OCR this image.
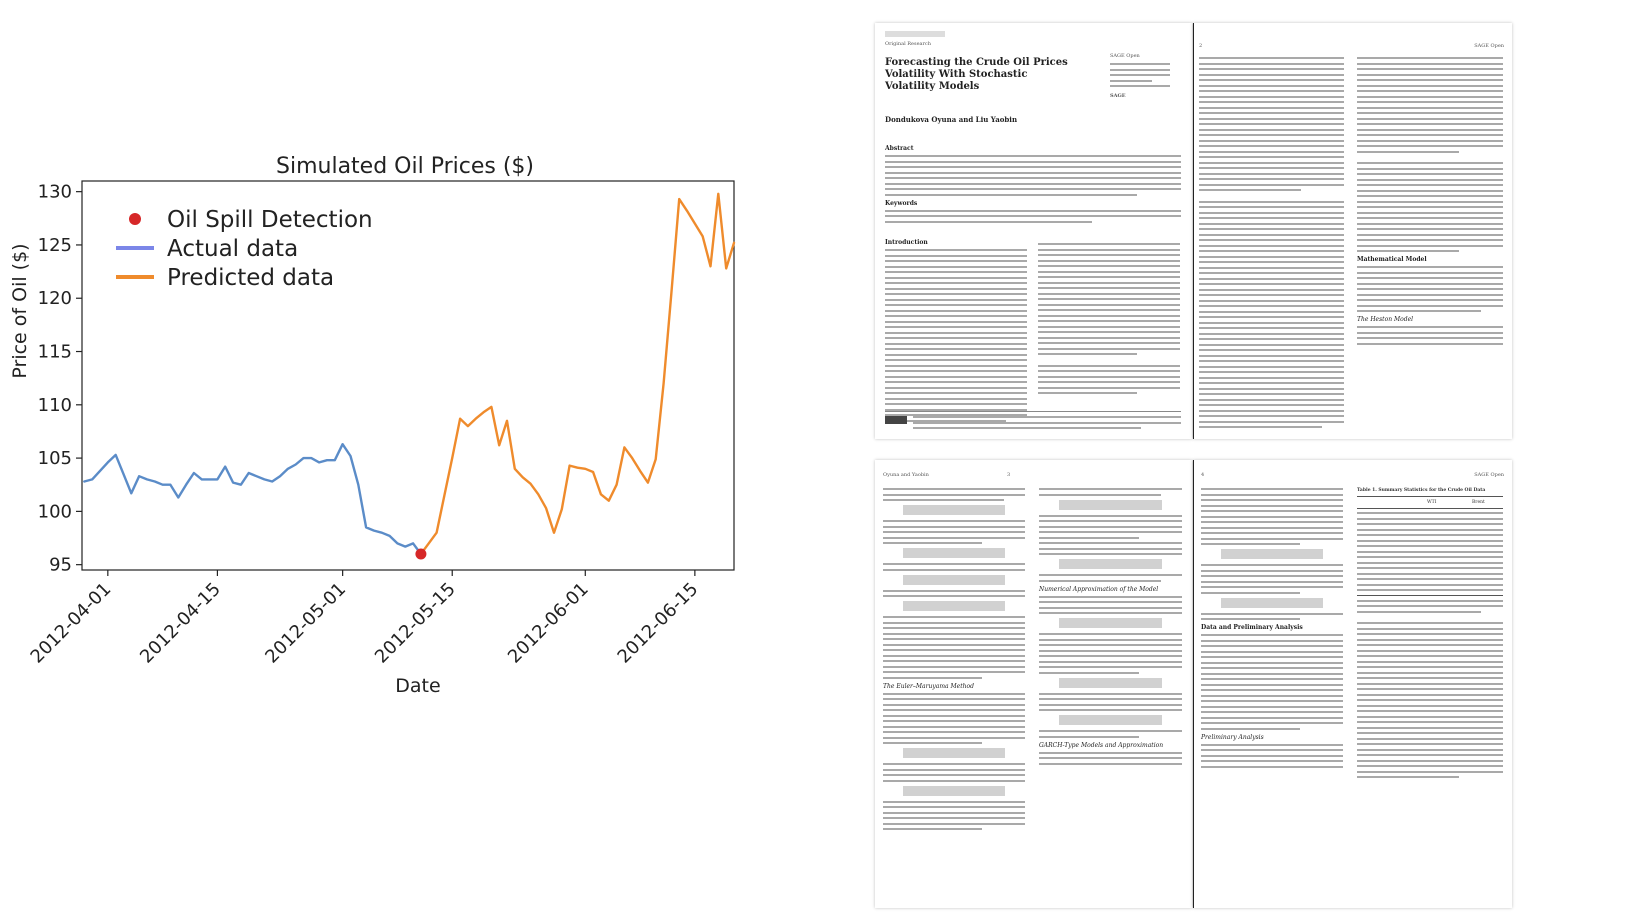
Simulated Oil Prices ($)
95
100
105
110
115
120
125
130
2012-04-01 2012-04-15 2012-05-01 2012-05-15 2012-06-01 2012-06-15
Date
Price of Oil ($)
Oil Spill Detection
Actual data
Predicted data
Original Research
Forecasting the Crude Oil Prices Volatility With Stochastic Volatility Models
SAGE Open
SAGE
Dondukova Oyuna and Liu Yaobin
Abstract
Keywords
Introduction
2	SAGE Open
Mathematical Model
The Heston Model
Oyuna and Yaobin	3
The Euler–Maruyama Method
Numerical Approximation of the Model
GARCH-Type Models and Approximation
4	SAGE Open
Data and Preliminary Analysis
Preliminary Analysis
Table 1. Summary Statistics for the Crude Oil Data
WTI	Brent
